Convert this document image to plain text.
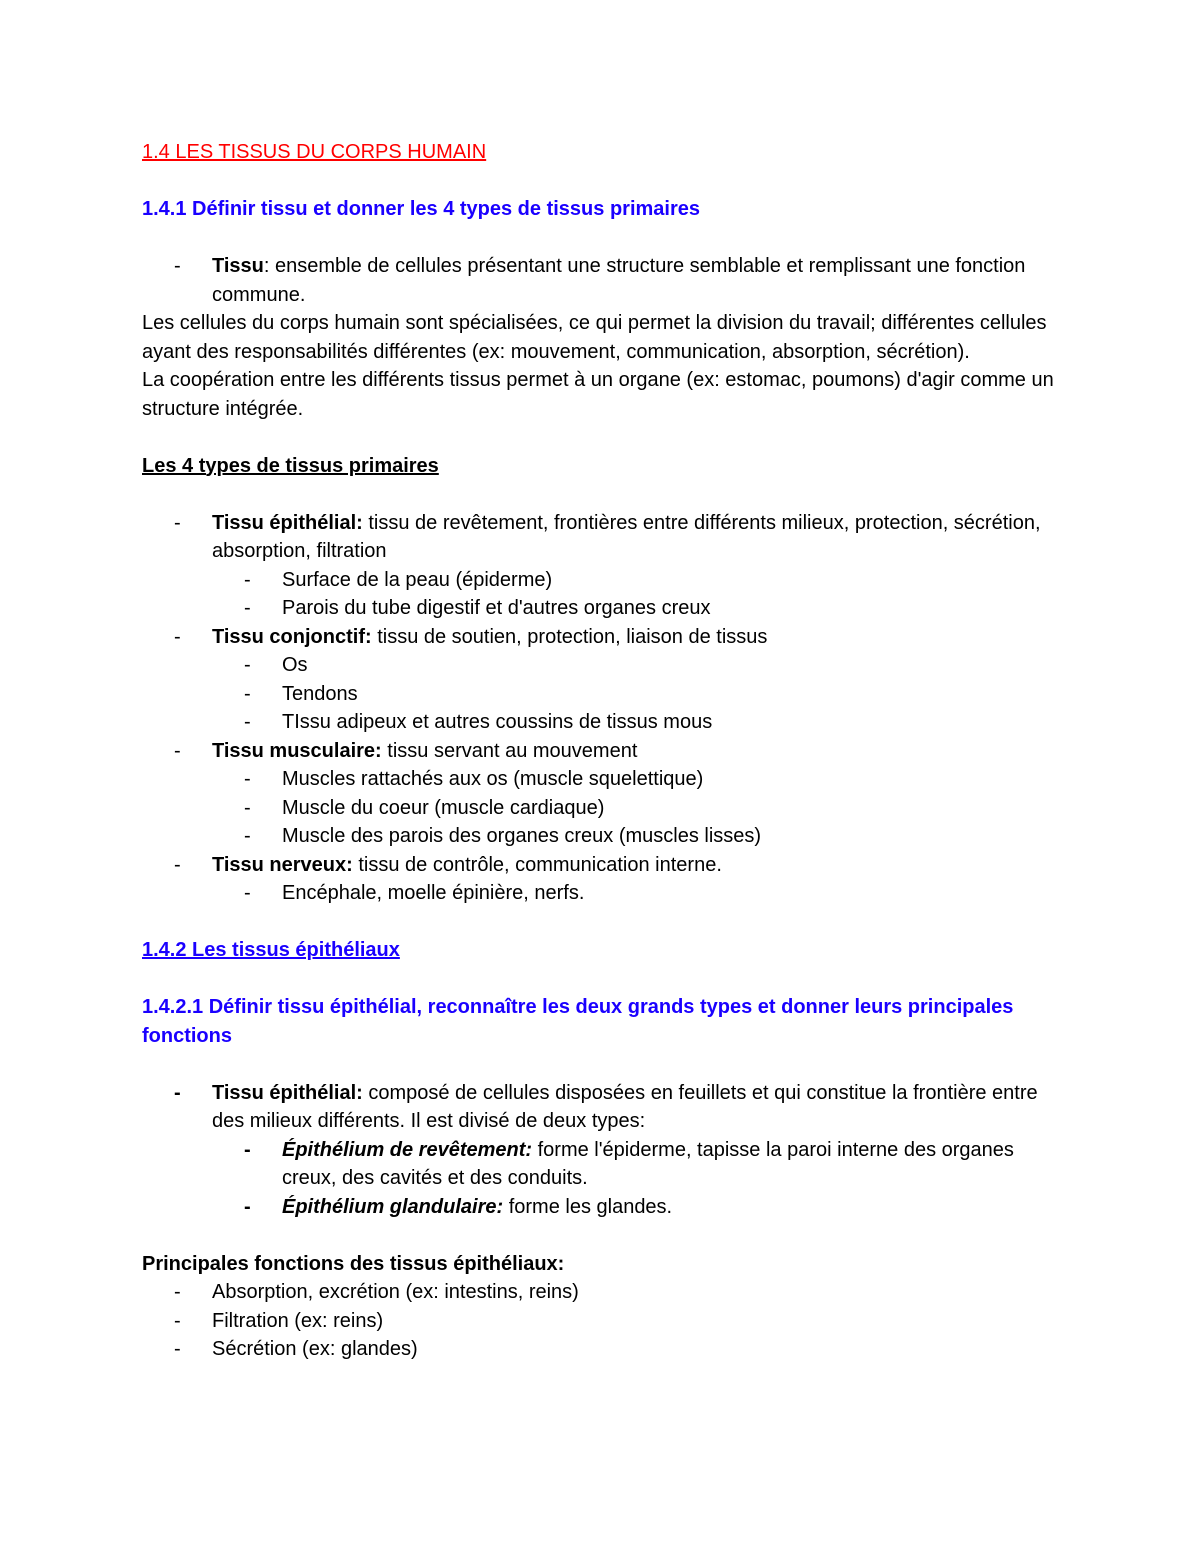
1.4 LES TISSUS DU CORPS HUMAIN

1.4.1 Définir tissu et donner les 4 types de tissus primaires

- Tissu: ensemble de cellules présentant une structure semblable et remplissant une fonction commune.

Les cellules du corps humain sont spécialisées, ce qui permet la division du travail; différentes cellules ayant des responsabilités différentes (ex: mouvement, communication, absorption, sécrétion).

La coopération entre les différents tissus permet à un organe (ex: estomac, poumons) d'agir comme un structure intégrée.

Les 4 types de tissus primaires

- Tissu épithélial: tissu de revêtement, frontières entre différents milieux, protection, sécrétion, absorption, filtration
- Surface de la peau (épiderme)
- Parois du tube digestif et d'autres organes creux
- Tissu conjonctif: tissu de soutien, protection, liaison de tissus
- Os
- Tendons
- TIssu adipeux et autres coussins de tissus mous
- Tissu musculaire: tissu servant au mouvement
- Muscles rattachés aux os (muscle squelettique)
- Muscle du coeur (muscle cardiaque)
- Muscle des parois des organes creux (muscles lisses)
- Tissu nerveux: tissu de contrôle, communication interne.
- Encéphale, moelle épinière, nerfs.

1.4.2 Les tissus épithéliaux

1.4.2.1 Définir tissu épithélial, reconnaître les deux grands types et donner leurs principales fonctions

- Tissu épithélial: composé de cellules disposées en feuillets et qui constitue la frontière entre des milieux différents. Il est divisé de deux types:
- Épithélium de revêtement: forme l'épiderme, tapisse la paroi interne des organes creux, des cavités et des conduits.
- Épithélium glandulaire: forme les glandes.

Principales fonctions des tissus épithéliaux:

- Absorption, excrétion (ex: intestins, reins)
- Filtration (ex: reins)
- Sécrétion (ex: glandes)
